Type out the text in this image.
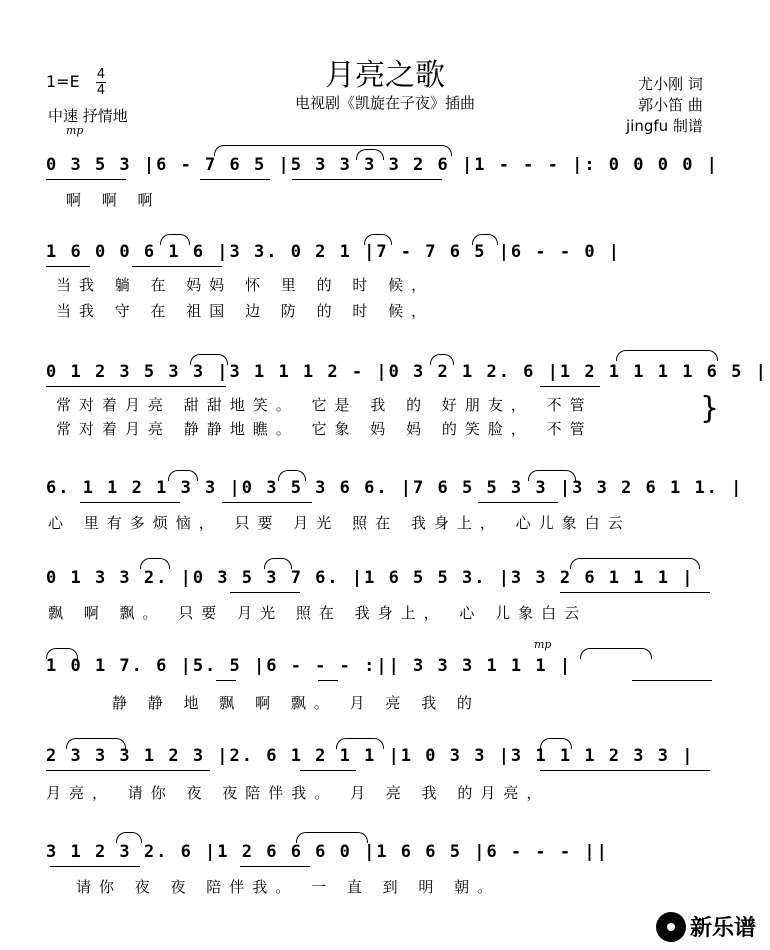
月亮之歌
电视剧《凯旋在子夜》插曲
1=E 4
4
中速 抒情地
尤小刚 词
郭小笛 曲
jingfu 制谱
mp
mp
0 3 5 3 |6 - 7 6 5 |5 3 3 3 3 2 6 |1 - - - |: 0 0 0 0 |
啊 啊 啊
1 6 0 0 6 1 6 |3 3. 0 2 1 |7 - 7 6 5 |6 - - 0 |
当我 躺 在 妈妈 怀 里 的 时 候，
当我 守 在 祖国 边 防 的 时 候，
0 1 2 3 5 3 3 |3 1 1 1 2 - |0 3 2 1 2. 6 |1 2 1 1 1 1 6 5 |
常对着月亮 甜甜地笑。 它是 我 的 好朋友， 不管
常对着月亮 静静地瞧。 它象 妈 妈 的笑脸， 不管
}
6. 1 1 2 1 3 3 |0 3 5 3 6 6. |7 6 5 5 3 3 |3 3 2 6 1 1. |
心 里有多烦恼， 只要 月光 照在 我身上， 心儿象白云
0 1 3 3 2. |0 3 5 3 7 6. |1 6 5 5 3. |3 3 2 6 1 1 1 |
飘 啊 飘。 只要 月光 照在 我身上， 心 儿象白云
1 0 1 7. 6 |5. 5 |6 - - - :|| 3 3 3 1 1 1 |
静 静 地 飘 啊 飘。 月 亮 我 的
2 3 3 3 1 2 3 |2. 6 1 2 1 1 |1 0 3 3 |3 1 1 1 2 3 3 |
月亮， 请你 夜 夜陪伴我。 月 亮 我 的月亮，
3 1 2 3 2. 6 |1 2 6 6 6 0 |1 6 6 5 |6 - - - ||
请你 夜 夜 陪伴我。 一 直 到 明 朝。
新乐谱
